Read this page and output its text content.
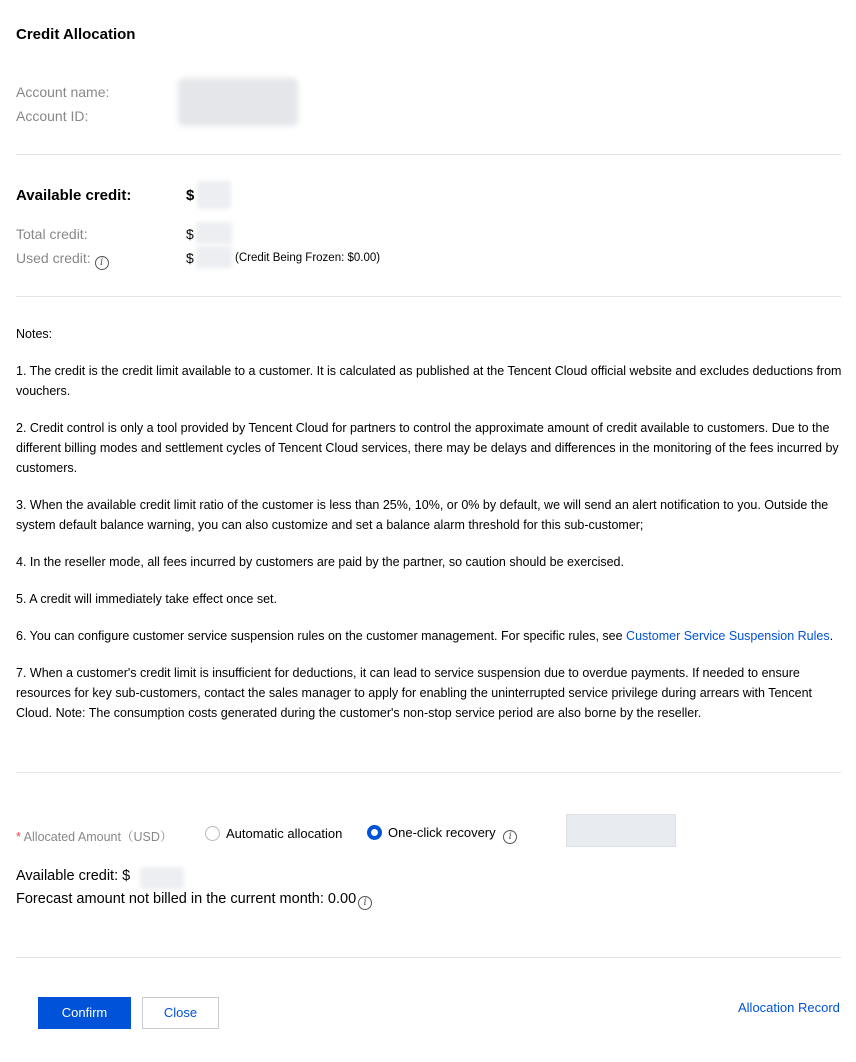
Credit Allocation
Account name:
Account ID:
Available credit:	$
Total credit:	$
Used credit: i	$	(Credit Being Frozen: $0.00)

Notes:

1. The credit is the credit limit available to a customer. It is calculated as published at the Tencent Cloud official website and excludes deductions from vouchers.

2. Credit control is only a tool provided by Tencent Cloud for partners to control the approximate amount of credit available to customers. Due to the different billing modes and settlement cycles of Tencent Cloud services, there may be delays and differences in the monitoring of the fees incurred by customers.

3. When the available credit limit ratio of the customer is less than 25%, 10%, or 0% by default, we will send an alert notification to you. Outside the system default balance warning, you can also customize and set a balance alarm threshold for this sub-customer;

4. In the reseller mode, all fees incurred by customers are paid by the partner, so caution should be exercised.

5. A credit will immediately take effect once set.

6. You can configure customer service suspension rules on the customer management. For specific rules, see Customer Service Suspension Rules.

7. When a customer's credit limit is insufficient for deductions, it can lead to service suspension due to overdue payments. If needed to ensure resources for key sub-customers, contact the sales manager to apply for enabling the uninterrupted service privilege during arrears with Tencent Cloud. Note: The consumption costs generated during the customer's non-stop service period are also borne by the reseller.

* Allocated Amount（USD）	Automatic allocation	One-click recovery i
Available credit: $
Forecast amount not billed in the current month: 0.00 i
Confirm	Close	Allocation Record
